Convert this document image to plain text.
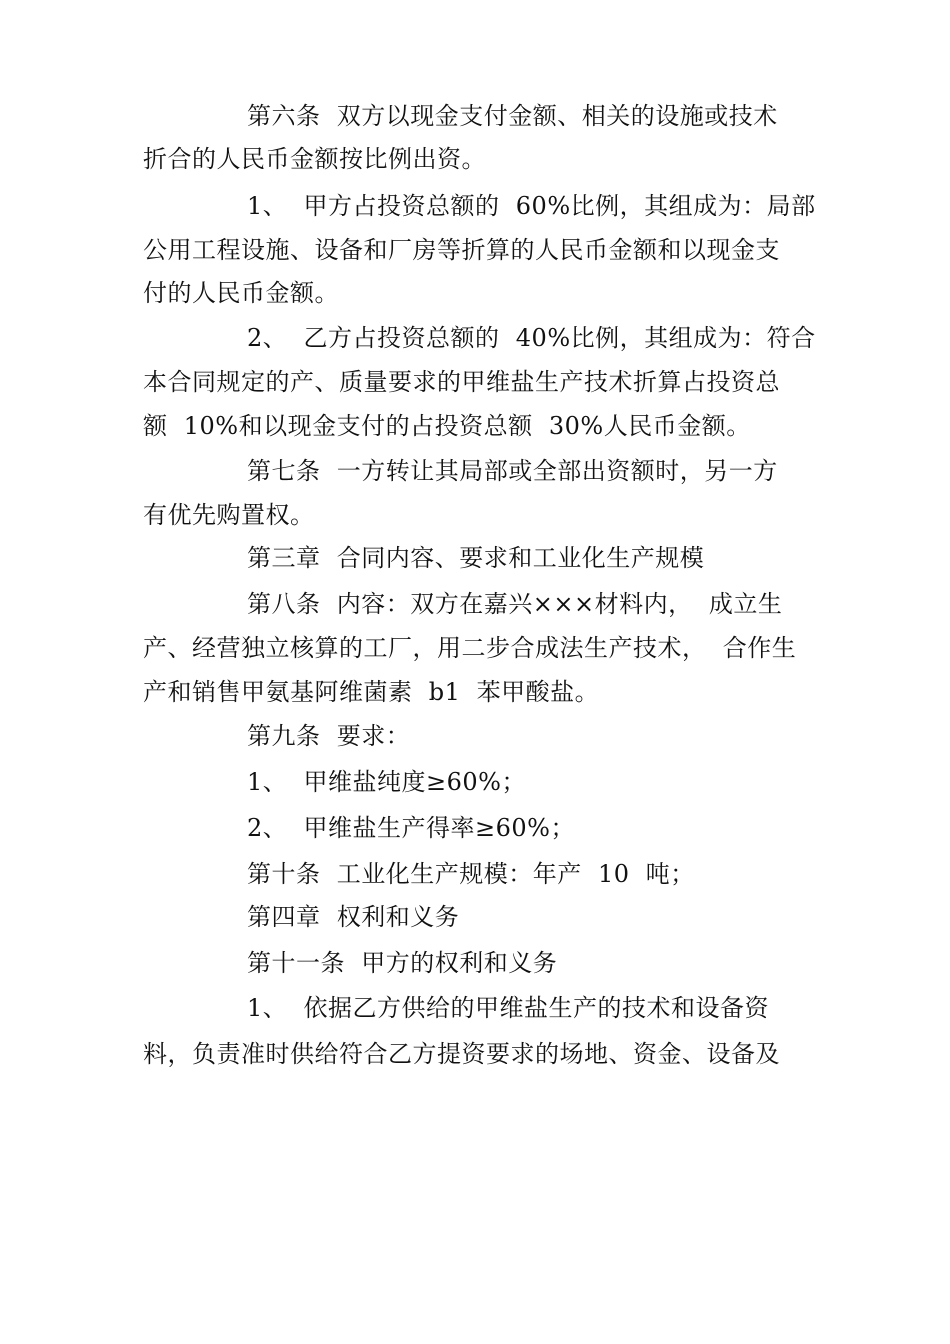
第六条  双方以现金支付金额、相关的设施或技术
折合的人民币金额按比例出资。
1、  甲方占投资总额的  60%比例，其组成为：局部
公用工程设施、设备和厂房等折算的人民币金额和以现金支
付的人民币金额。
2、  乙方占投资总额的  40%比例，其组成为：符合
本合同规定的产、质量要求的甲维盐生产技术折算占投资总
额  10%和以现金支付的占投资总额  30%人民币金额。
第七条  一方转让其局部或全部出资额时，另一方
有优先购置权。
第三章  合同内容、要求和工业化生产规模
第八条  内容：双方在嘉兴×××材料内，  成立生
产、经营独立核算的工厂，用二步合成法生产技术，  合作生
产和销售甲氨基阿维菌素  b1  苯甲酸盐。
第九条  要求：
1、  甲维盐纯度≥60%；
2、  甲维盐生产得率≥60%；
第十条  工业化生产规模：年产  10  吨；
第四章  权利和义务
第十一条  甲方的权利和义务
1、  依据乙方供给的甲维盐生产的技术和设备资
料，负责准时供给符合乙方提资要求的场地、资金、设备及
